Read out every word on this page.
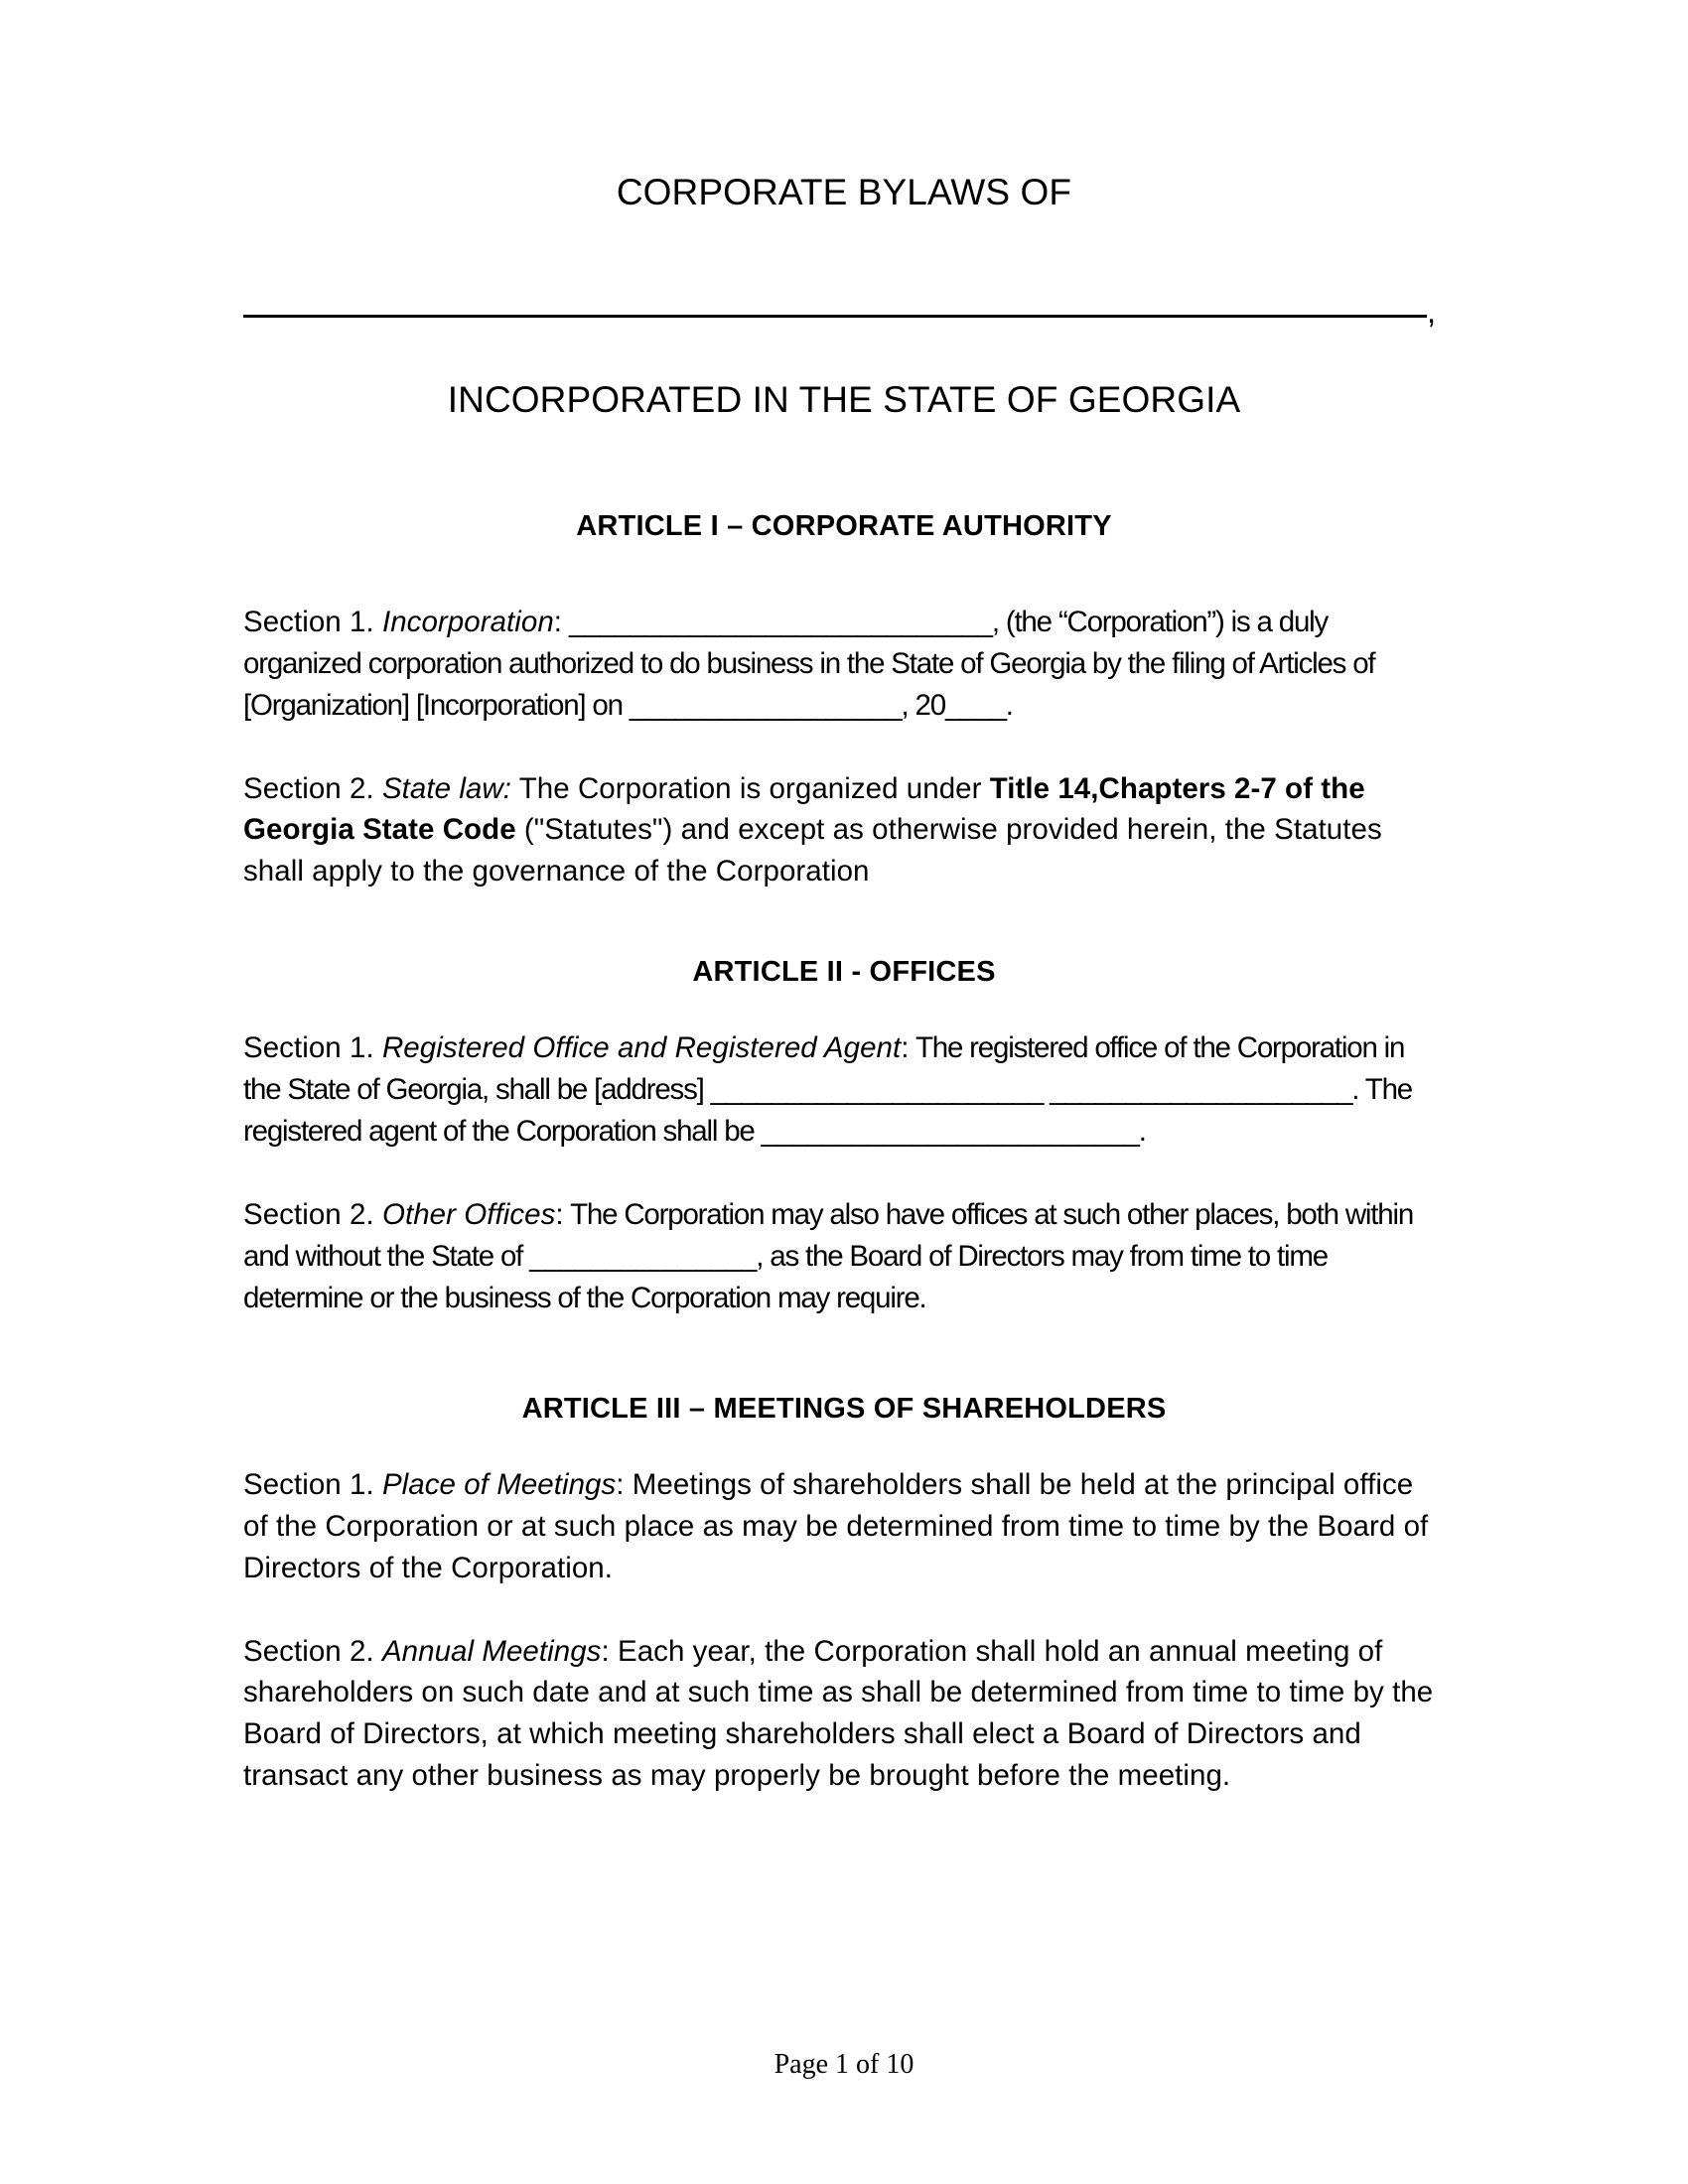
CORPORATE BYLAWS OF
,
INCORPORATED IN THE STATE OF GEORGIA
ARTICLE I – CORPORATE AUTHORITY

Section 1. Incorporation: ____________________________, (the “Corporation”) is a duly organized corporation authorized to do business in the State of Georgia by the filing of Articles of [Organization] [Incorporation] on __________________, 20____.

Section 2. State law: The Corporation is organized under Title 14,Chapters 2-7 of the Georgia State Code ("Statutes") and except as otherwise provided herein, the Statutes shall apply to the governance of the Corporation

ARTICLE II - OFFICES

Section 1. Registered Office and Registered Agent: The registered office of the Corporation in the State of Georgia, shall be [address] ______________________ ____________________. The registered agent of the Corporation shall be _________________________.

Section 2. Other Offices: The Corporation may also have offices at such other places, both within and without the State of _______________, as the Board of Directors may from time to time determine or the business of the Corporation may require.

ARTICLE III – MEETINGS OF SHAREHOLDERS

Section 1. Place of Meetings: Meetings of shareholders shall be held at the principal office of the Corporation or at such place as may be determined from time to time by the Board of Directors of the Corporation.

Section 2. Annual Meetings: Each year, the Corporation shall hold an annual meeting of shareholders on such date and at such time as shall be determined from time to time by the Board of Directors, at which meeting shareholders shall elect a Board of Directors and transact any other business as may properly be brought before the meeting.

Page 1 of 10
